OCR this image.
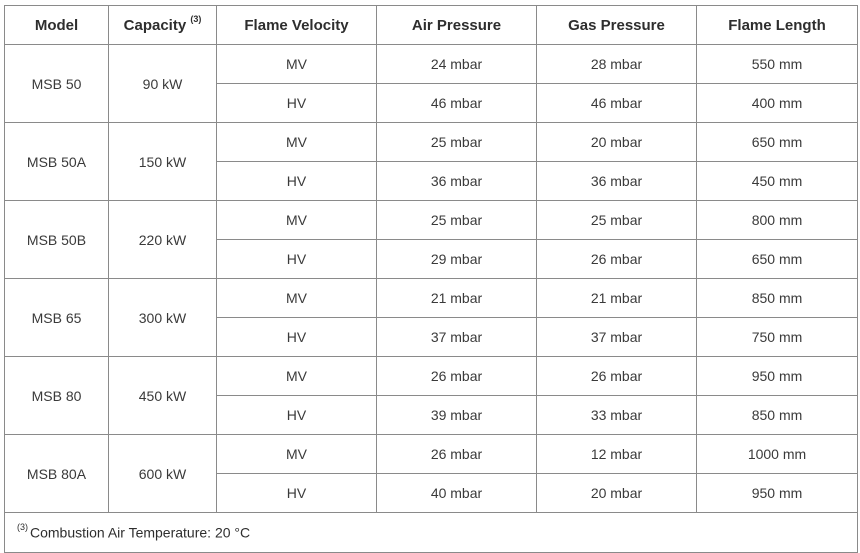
Model	Capacity $^{(3)}$	Flame Velocity	Air Pressure	Gas Pressure	Flame Length
MSB 50	90 kW	MV	24 mbar	28 mbar	550 mm
		HV	46 mbar	46 mbar	400 mm
MSB 50A	150 kW	MV	25 mbar	20 mbar	650 mm
		HV	36 mbar	36 mbar	450 mm
MSB 50B	220 kW	MV	25 mbar	25 mbar	800 mm
		HV	29 mbar	26 mbar	650 mm
MSB 65	300 kW	MV	21 mbar	21 mbar	850 mm
		HV	37 mbar	37 mbar	750 mm
MSB 80	450 kW	MV	26 mbar	26 mbar	950 mm
		HV	39 mbar	33 mbar	850 mm
MSB 80A	600 kW	MV	26 mbar	12 mbar	1000 mm
		HV	40 mbar	20 mbar	950 mm
$^{(3)}$ Combustion Air Temperature: 20 °C					
